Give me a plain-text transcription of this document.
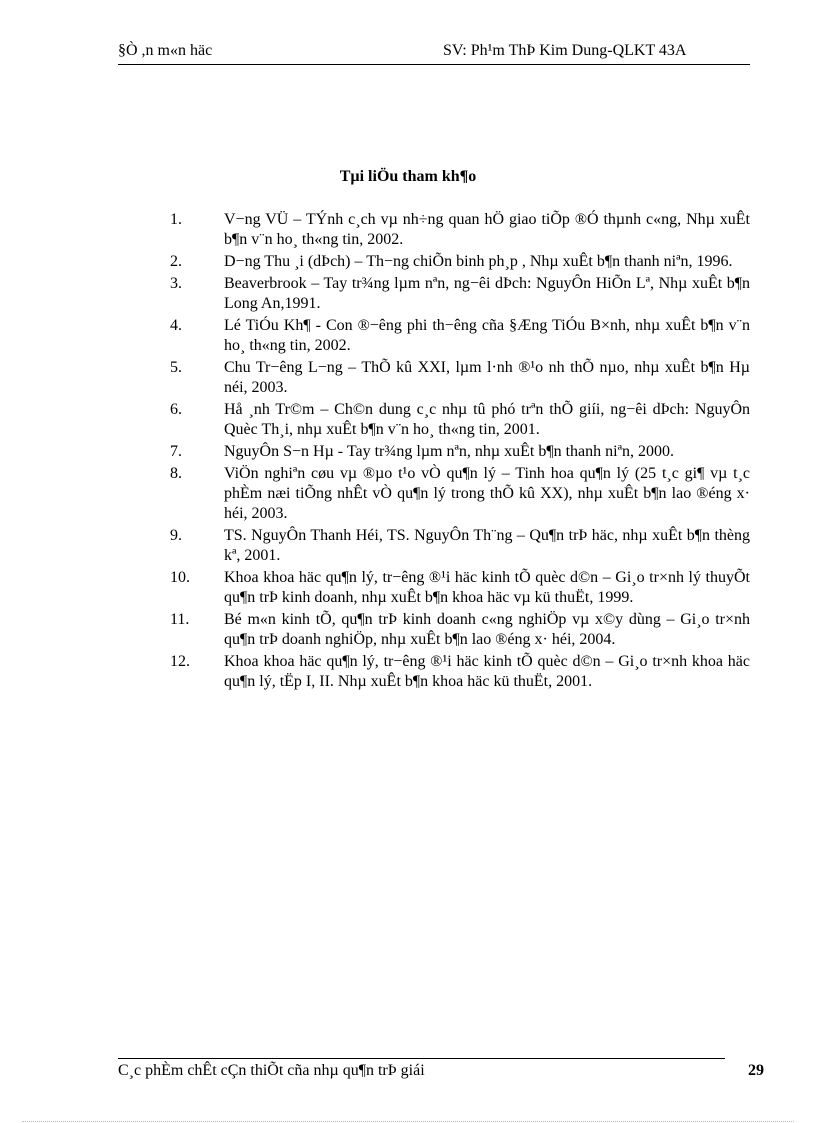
§Ò ,n m«n häc	SV: Ph¹m ThÞ Kim Dung-QLKT 43A
Tµi liÖu tham kh¶o
1.	V−ng VÜ – TÝnh c¸ch vµ nh÷ng quan hÖ giao tiÕp ®Ó thµnh c«ng, Nhµ xuÊt b¶n v¨n ho¸ th«ng tin, 2002.
2.	D−ng Thu ¸i (dÞch) – Th−ng chiÕn binh ph¸p , Nhµ xuÊt b¶n thanh niªn, 1996.
3.	Beaverbrook – Tay tr¾ng lµm nªn, ng−êi dÞch: NguyÔn HiÕn Lª, Nhµ xuÊt b¶n Long An,1991.
4.	Lé TiÓu Kh¶ - Con ®−êng phi th−êng cña §Æng TiÓu B×nh, nhµ xuÊt b¶n v¨n ho¸ th«ng tin, 2002.
5.	Chu Tr−êng L−ng – ThÕ kû XXI, lµm l·nh ®¹o nh thÕ nµo, nhµ xuÊt b¶n Hµ néi, 2003.
6.	Hå ¸nh Tr©m – Ch©n dung c¸c nhµ tû phó trªn thÕ giíi, ng−êi dÞch: NguyÔn Quèc Th¸i, nhµ xuÊt b¶n v¨n ho¸ th«ng tin, 2001.
7.	NguyÔn S−n Hµ - Tay tr¾ng lµm nªn, nhµ xuÊt b¶n thanh niªn, 2000.
8.	ViÖn nghiªn cøu vµ ®µo t¹o vÒ qu¶n lý – Tinh hoa qu¶n lý (25 t¸c gi¶ vµ t¸c phÈm næi tiÕng nhÊt vÒ qu¶n lý trong thÕ kû XX), nhµ xuÊt b¶n lao ®éng x· héi, 2003.
9.	TS. NguyÔn Thanh Héi, TS. NguyÔn Th¨ng – Qu¶n trÞ häc, nhµ xuÊt b¶n thèng kª, 2001.
10.	Khoa khoa häc qu¶n lý, tr−êng ®¹i häc kinh tÕ quèc d©n – Gi¸o tr×nh lý thuyÕt qu¶n trÞ kinh doanh, nhµ xuÊt b¶n khoa häc vµ kü thuËt, 1999.
11.	Bé m«n kinh tÕ, qu¶n trÞ kinh doanh c«ng nghiÖp vµ x©y dùng – Gi¸o tr×nh qu¶n trÞ doanh nghiÖp, nhµ xuÊt b¶n lao ®éng x· héi, 2004.
12.	Khoa khoa häc qu¶n lý, tr−êng ®¹i häc kinh tÕ quèc d©n – Gi¸o tr×nh khoa häc qu¶n lý, tËp I, II. Nhµ xuÊt b¶n khoa häc kü thuËt, 2001.
C¸c phÈm chÊt cÇn thiÕt cña nhµ qu¶n trÞ giái	29
